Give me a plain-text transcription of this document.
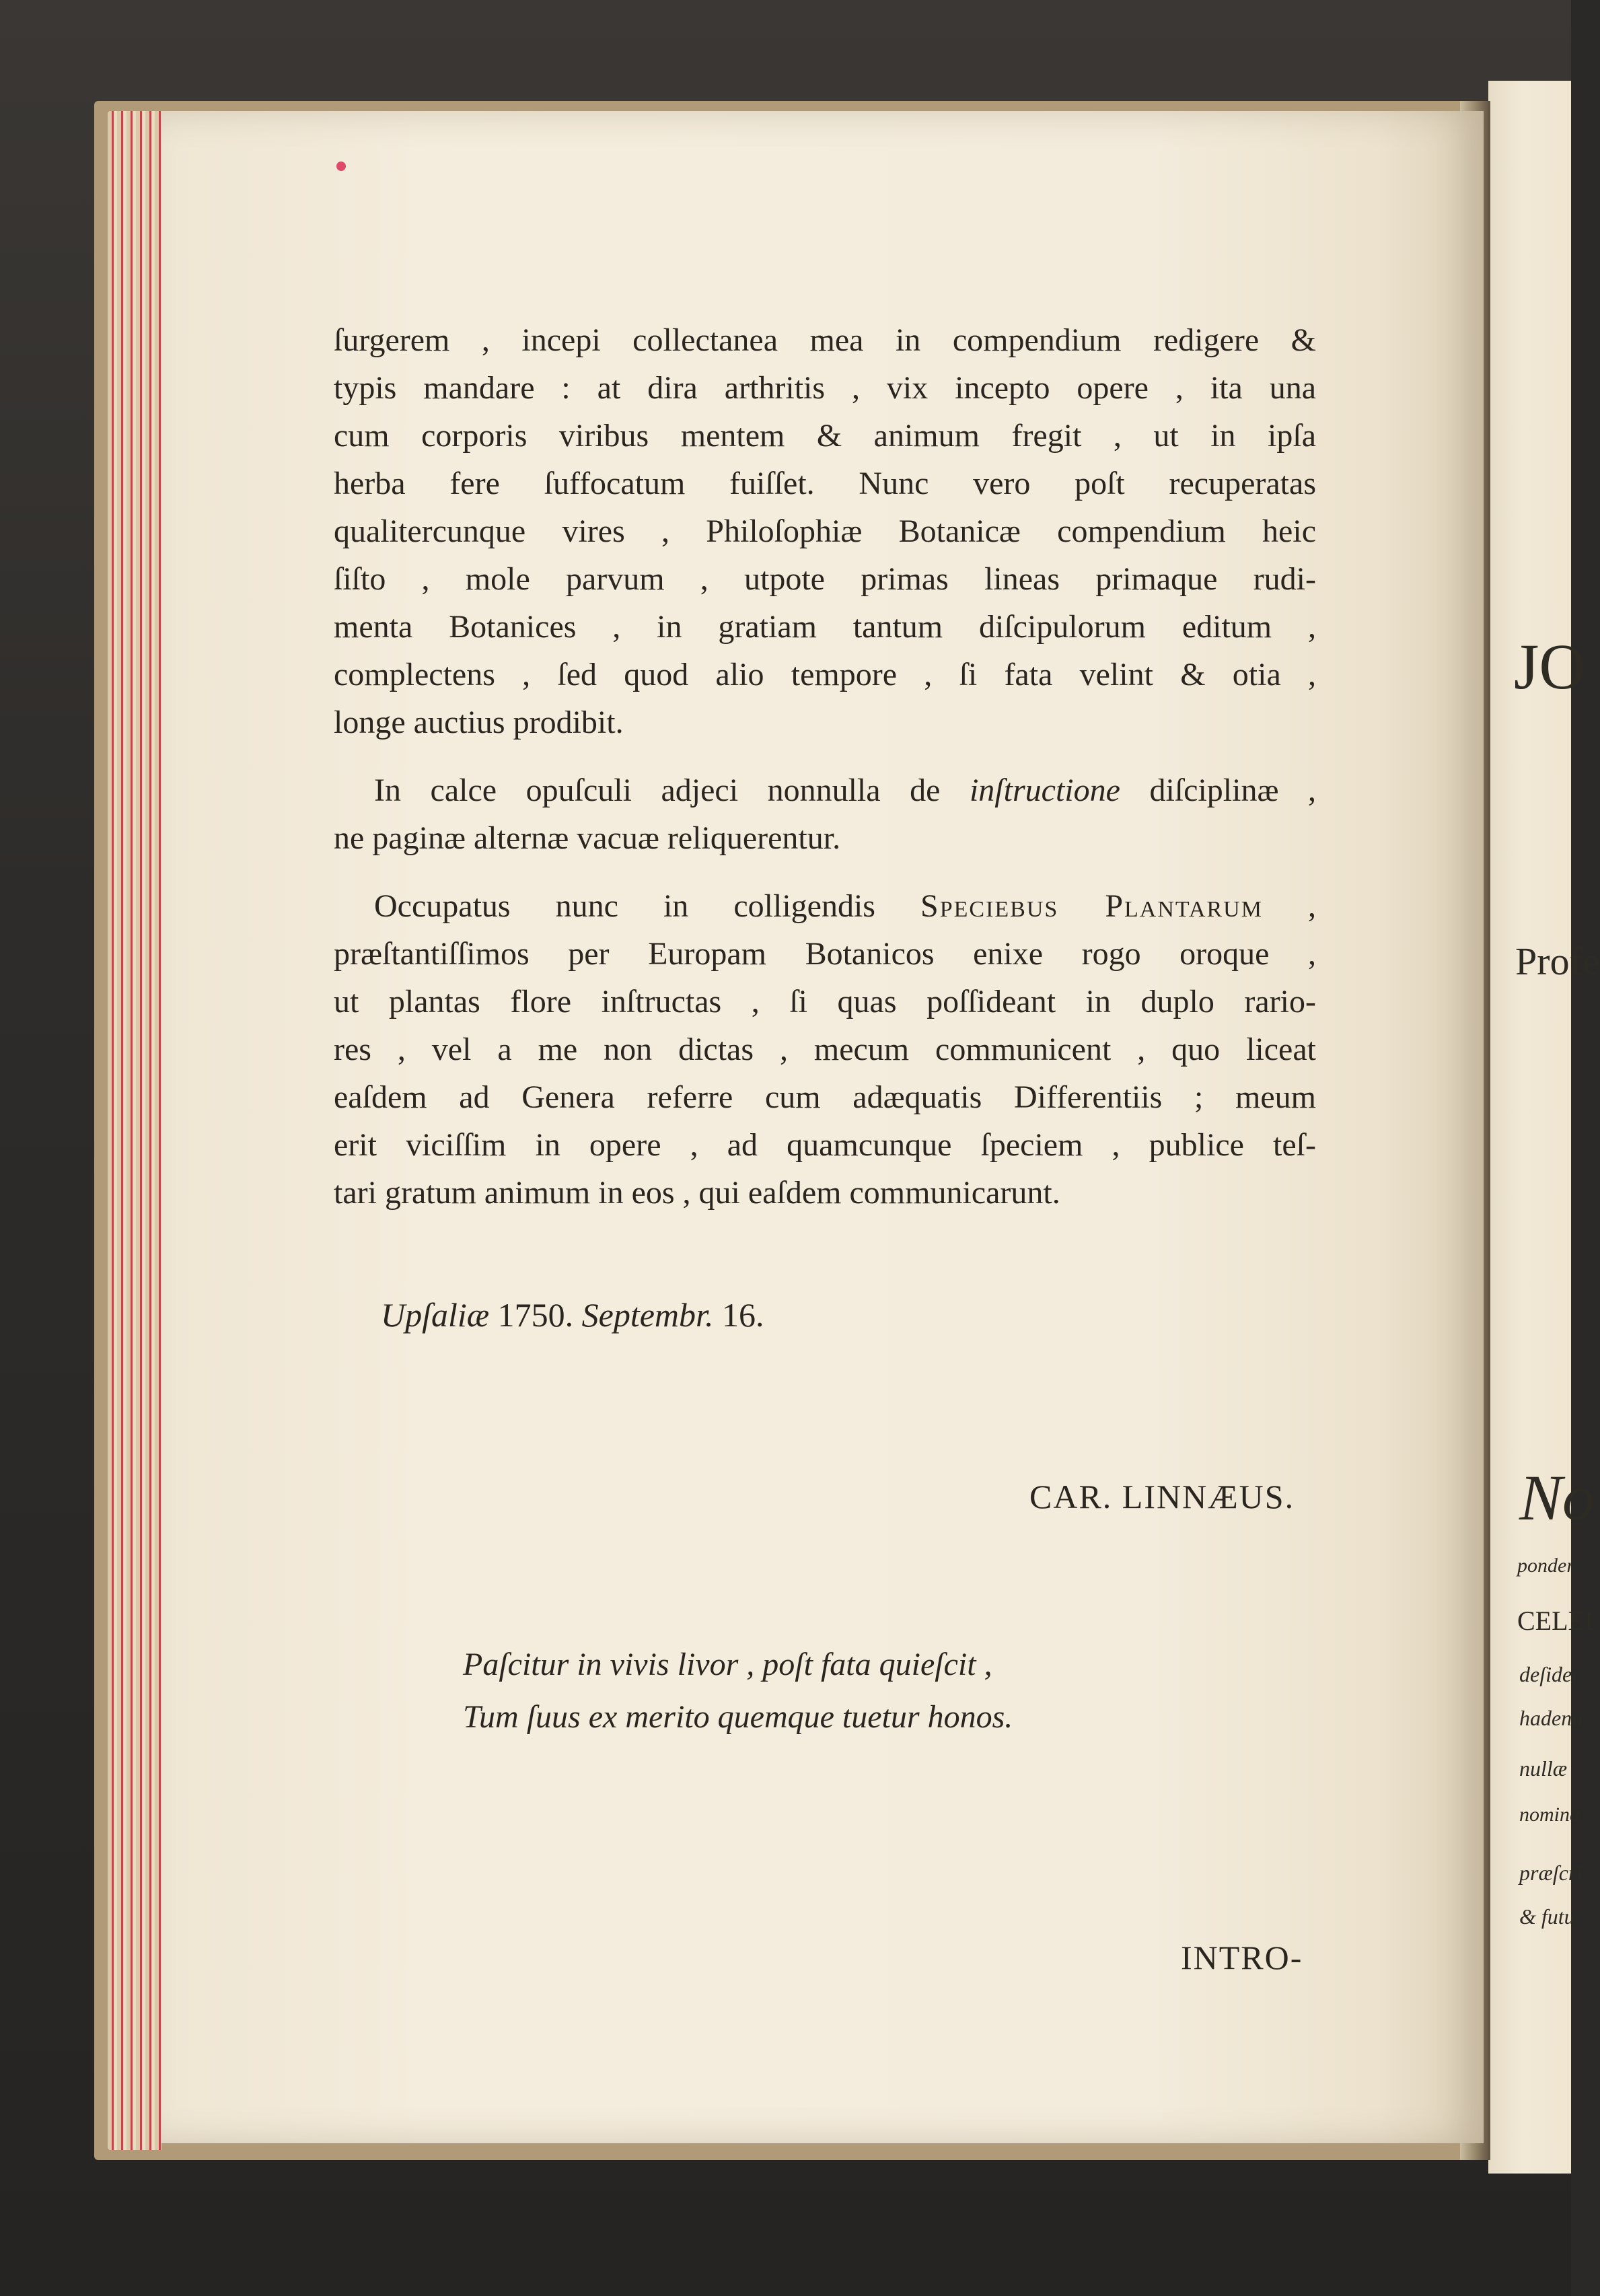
JO
Profe
No
ponder
CELEI
deſider
hadenu
nullæ
nomina
præſcri
& futu
ſurgerem , incepi collectanea mea in compendium redigere &
typis mandare : at dira arthritis , vix incepto opere , ita una
cum corporis viribus mentem & animum fregit , ut in ipſa
herba fere ſuffocatum fuiſſet. Nunc vero poſt recuperatas
qualitercunque vires , Philoſophiæ Botanicæ compendium heic
ſiſto , mole parvum , utpote primas lineas primaque rudi-
menta Botanices , in gratiam tantum diſcipulorum editum ,
complectens , ſed quod alio tempore , ſi fata velint & otia ,
longe auctius prodibit.
In calce opuſculi adjeci nonnulla de inſtructione diſciplinæ ,
ne paginæ alternæ vacuæ reliquerentur.
Occupatus nunc in colligendis Speciebus Plantarum ,
præſtantiſſimos per Europam Botanicos enixe rogo oroque ,
ut plantas flore inſtructas , ſi quas poſſideant in duplo rario-
res , vel a me non dictas , mecum communicent , quo liceat
eaſdem ad Genera referre cum adæquatis Differentiis ; meum
erit viciſſim in opere , ad quamcunque ſpeciem , publice teſ-
tari gratum animum in eos , qui eaſdem communicarunt.
Upſaliæ 1750. Septembr. 16.
CAR. LINNÆUS.
Paſcitur in vivis livor , poſt fata quieſcit ,
Tum ſuus ex merito quemque tuetur honos.
INTRO-
